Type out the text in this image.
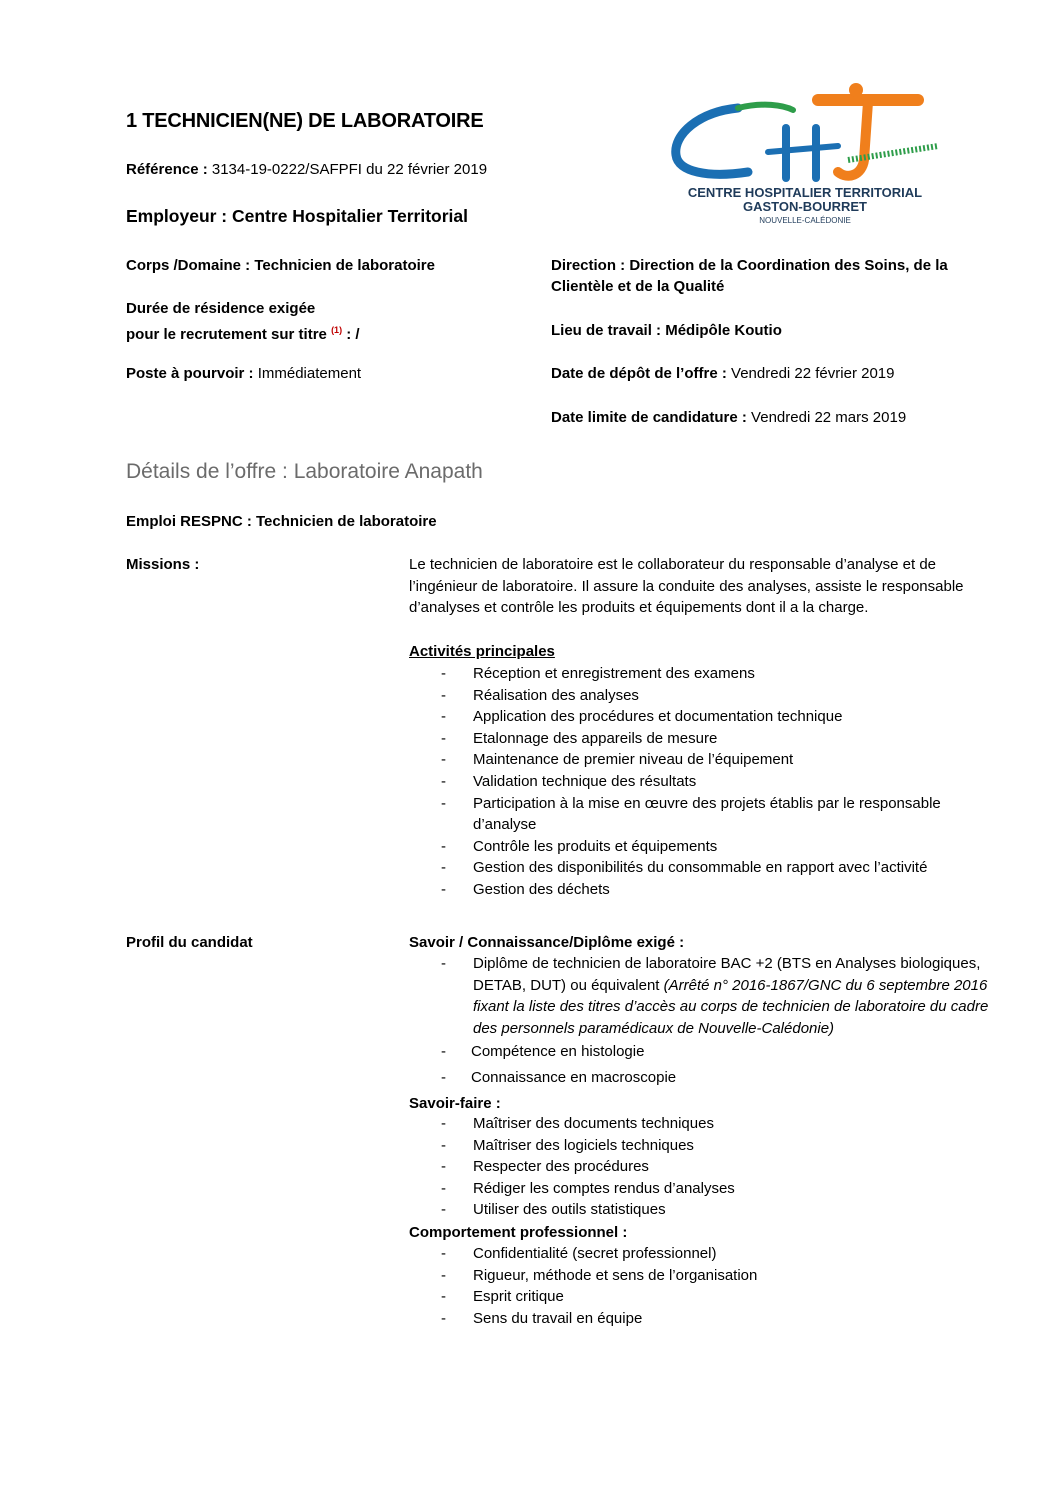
1 TECHNICIEN(NE) DE LABORATOIRE
Référence : 3134-19-0222/SAFPFI du 22 février 2019
Employeur : Centre Hospitalier Territorial
CENTRE HOSPITALIER TERRITORIAL
GASTON-BOURRET
NOUVELLE-CALÉDONIE
Corps /Domaine : Technicien de laboratoire
Durée de résidence exigée
pour le recrutement sur titre $^{(1)}$ : /
Poste à pourvoir : Immédiatement
Direction : Direction de la Coordination des Soins, de la
Clientèle et de la Qualité
Lieu de travail : Médipôle Koutio
Date de dépôt de l’offre : Vendredi 22 février 2019
Date limite de candidature : Vendredi 22 mars 2019
Détails de l’offre : Laboratoire Anapath
Emploi RESPNC : Technicien de laboratoire
Missions :	Le technicien de laboratoire est le collaborateur du responsable d’analyse et de
l’ingénieur de laboratoire. Il assure la conduite des analyses, assiste le responsable
d’analyses et contrôle les produits et équipements dont il a la charge.
Activités principales
- Réception et enregistrement des examens
- Réalisation des analyses
- Application des procédures et documentation technique
- Etalonnage des appareils de mesure
- Maintenance de premier niveau de l’équipement
- Validation technique des résultats
- Participation à la mise en œuvre des projets établis par le responsable d’analyse
- Contrôle les produits et équipements
- Gestion des disponibilités du consommable en rapport avec l’activité
- Gestion des déchets
Profil du candidat	Savoir / Connaissance/Diplôme exigé :
- Diplôme de technicien de laboratoire BAC +2 (BTS en Analyses biologiques, DETAB, DUT) ou équivalent (Arrêté n° 2016-1867/GNC du 6 septembre 2016 fixant la liste des titres d’accès au corps de technicien de laboratoire du cadre des personnels paramédicaux de Nouvelle-Calédonie)
- Compétence en histologie
- Connaissance en macroscopie
Savoir-faire :
- Maîtriser des documents techniques
- Maîtriser des logiciels techniques
- Respecter des procédures
- Rédiger les comptes rendus d’analyses
- Utiliser des outils statistiques
Comportement professionnel :
- Confidentialité (secret professionnel)
- Rigueur, méthode et sens de l’organisation
- Esprit critique
- Sens du travail en équipe
